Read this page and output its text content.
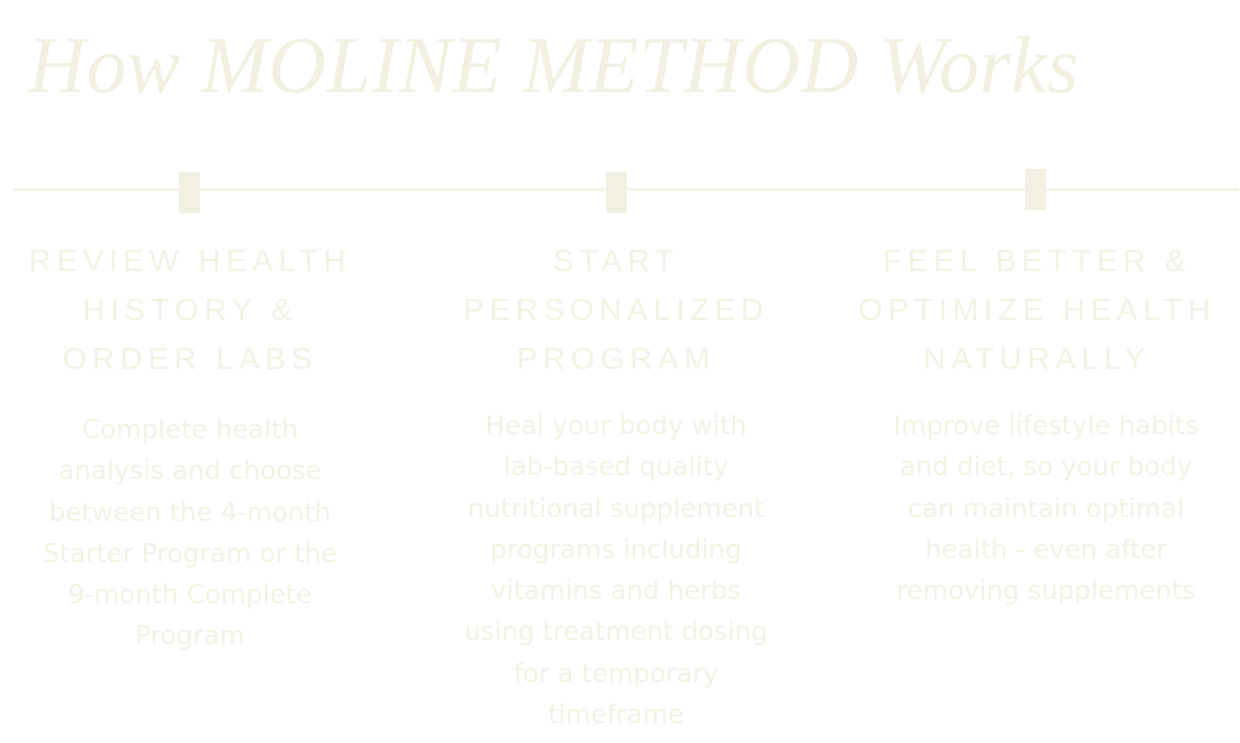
How MOLINE METHOD Works
REVIEW HEALTH
HISTORY &
ORDER LABS

Complete health
analysis and choose
between the 4-month
Starter Program or the
9-month Complete
Program

START
PERSONALIZED
PROGRAM

Heal your body with
lab-based quality
nutritional supplement
programs including
vitamins and herbs
using treatment dosing
for a temporary
timeframe

FEEL BETTER &
OPTIMIZE HEALTH
NATURALLY

Improve lifestyle habits
and diet, so your body
can maintain optimal
health - even after
removing supplements
